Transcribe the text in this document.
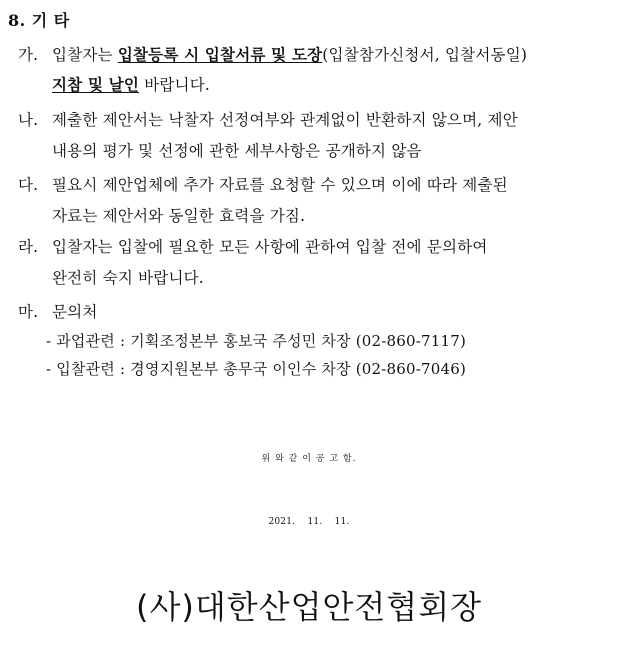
8. 기 타
가. 입찰자는 입찰등록 시 입찰서류 및 도장(입찰참가신청서, 입찰서동일)
지참 및 날인 바랍니다.
나. 제출한 제안서는 낙찰자 선정여부와 관계없이 반환하지 않으며, 제안
내용의 평가 및 선정에 관한 세부사항은 공개하지 않음
다. 필요시 제안업체에 추가 자료를 요청할 수 있으며 이에 따라 제출된
자료는 제안서와 동일한 효력을 가짐.
라. 입찰자는 입찰에 필요한 모든 사항에 관하여 입찰 전에 문의하여
완전히 숙지 바랍니다.
마. 문의처
- 과업관련 : 기획조정본부 홍보국 주성민 차장 (02-860-7117)
- 입찰관련 : 경영지원본부 총무국 이인수 차장 (02-860-7046)
위 와 같 이 공 고 함.
2021.    11.    11.
(사)대한산업안전협회장
